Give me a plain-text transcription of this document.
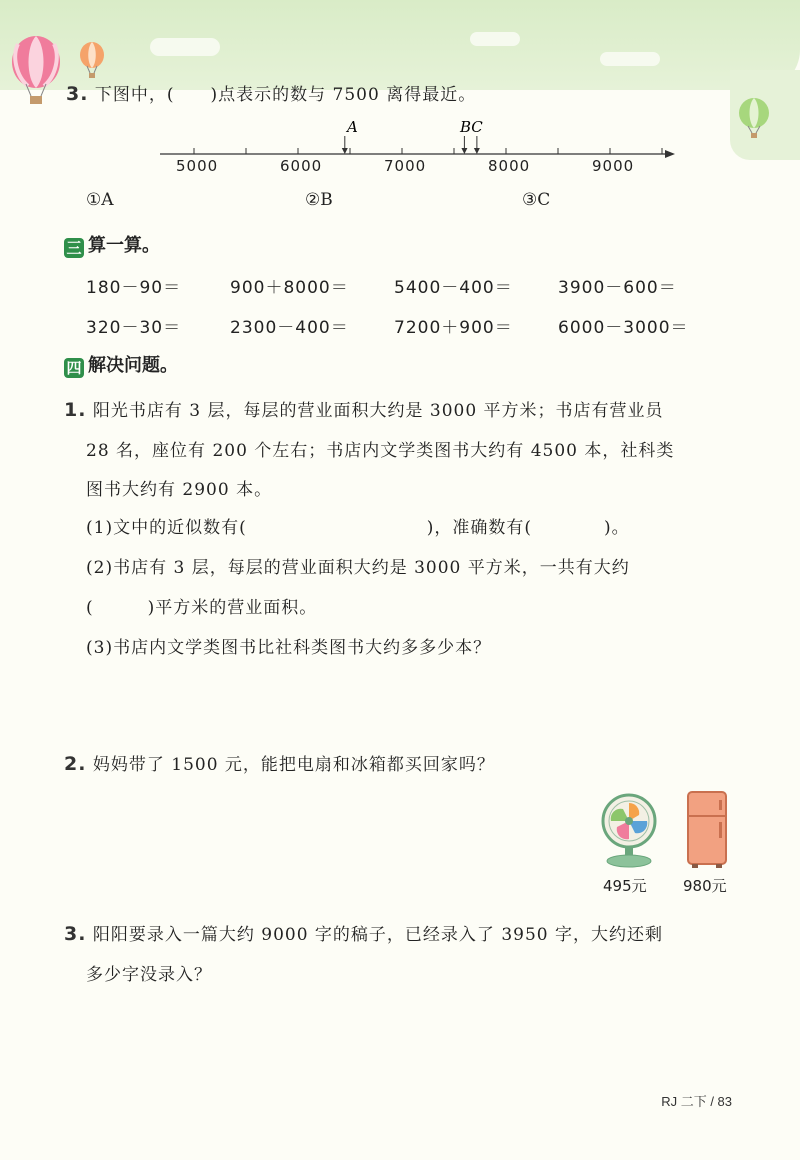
3. 下图中，(　　)点表示的数与 7500 离得最近。
A	BC
5000	6000	7000	8000	9000
①A	②B	③C
三 算一算。
180－90＝	900＋8000＝	5400－400＝	3900－600＝
320－30＝	2300－400＝	7200＋900＝	6000－3000＝
四 解决问题。
1. 阳光书店有 3 层，每层的营业面积大约是 3000 平方米；书店有营业员
28 名，座位有 200 个左右；书店内文学类图书大约有 4500 本，社科类
图书大约有 2900 本。
(1)文中的近似数有(　　　　　　　　　　)，准确数有(　　　　)。
(2)书店有 3 层，每层的营业面积大约是 3000 平方米，一共有大约
(　　　)平方米的营业面积。
(3)书店内文学类图书比社科类图书大约多多少本？
2. 妈妈带了 1500 元，能把电扇和冰箱都买回家吗？
495元 980元
3. 阳阳要录入一篇大约 9000 字的稿子，已经录入了 3950 字，大约还剩
多少字没录入？
RJ 二下 / 83
